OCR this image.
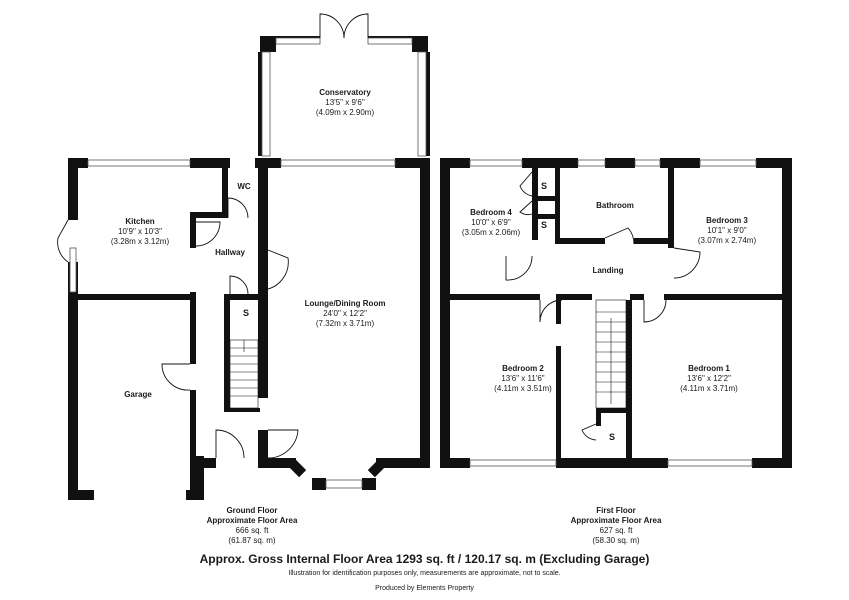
Conservatory
13'5" x 9'6"
(4.09m x 2.90m)
WC
Kitchen
10'9" x 10'3"
(3.28m x 3.12m)
Hallway
Lounge/Dining Room
24'0" x 12'2"
(7.32m x 3.71m)
Garage
S
Bedroom 4
10'0" x 6'9"
(3.05m x 2.06m)
Bathroom
Bedroom 3
10'1" x 9'0"
(3.07m x 2.74m)
Landing
Bedroom 2
13'6" x 11'6"
(4.11m x 3.51m)
Bedroom 1
13'6" x 12'2"
(4.11m x 3.71m)
S
S
S
Ground Floor
Approximate Floor Area
666 sq. ft
(61.87 sq. m)
First Floor
Approximate Floor Area
627 sq. ft
(58.30 sq. m)
Approx. Gross Internal Floor Area 1293 sq. ft / 120.17 sq. m (Excluding Garage)
Illustration for identification purposes only, measurements are approximate, not to scale.
Produced by Elements Property
